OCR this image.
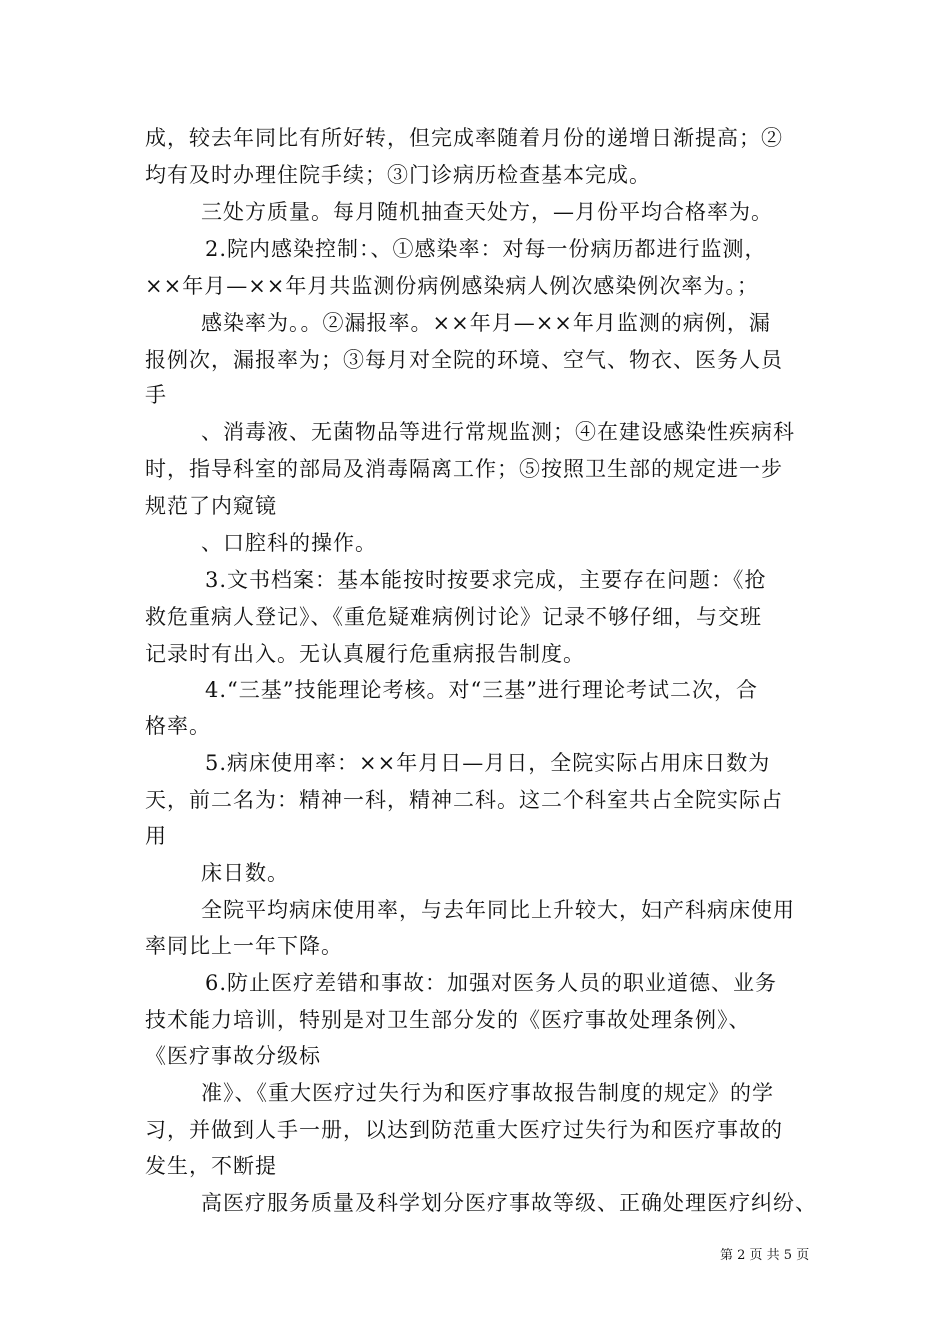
成，较去年同比有所好转，但完成率随着月份的递增日渐提高；②
均有及时办理住院手续；③门诊病历检查基本完成。
三处方质量。每月随机抽查天处方，—月份平均合格率为。
2.院内感染控制：、①感染率：对每一份病历都进行监测，
××年月—××年月共监测份病例感染病人例次感染例次率为。；
感染率为。。②漏报率。××年月—××年月监测的病例，漏
报例次，漏报率为；③每月对全院的环境、空气、物衣、医务人员
手
、消毒液、无菌物品等进行常规监测；④在建设感染性疾病科
时，指导科室的部局及消毒隔离工作；⑤按照卫生部的规定进一步
规范了内窥镜
、口腔科的操作。
3.文书档案：基本能按时按要求完成，主要存在问题：《抢
救危重病人登记》、《重危疑难病例讨论》记录不够仔细，与交班
记录时有出入。无认真履行危重病报告制度。
4.“三基”技能理论考核。对“三基”进行理论考试二次，合
格率。
5.病床使用率：××年月日—月日，全院实际占用床日数为
天，前二名为：精神一科，精神二科。这二个科室共占全院实际占
用
床日数。
全院平均病床使用率，与去年同比上升较大，妇产科病床使用
率同比上一年下降。
6.防止医疗差错和事故：加强对医务人员的职业道德、业务
技术能力培训，特别是对卫生部分发的《医疗事故处理条例》、
《医疗事故分级标
准》、《重大医疗过失行为和医疗事故报告制度的规定》的学
习，并做到人手一册，以达到防范重大医疗过失行为和医疗事故的
发生，不断提
高医疗服务质量及科学划分医疗事故等级、正确处理医疗纠纷、
第 2 页 共 5 页
